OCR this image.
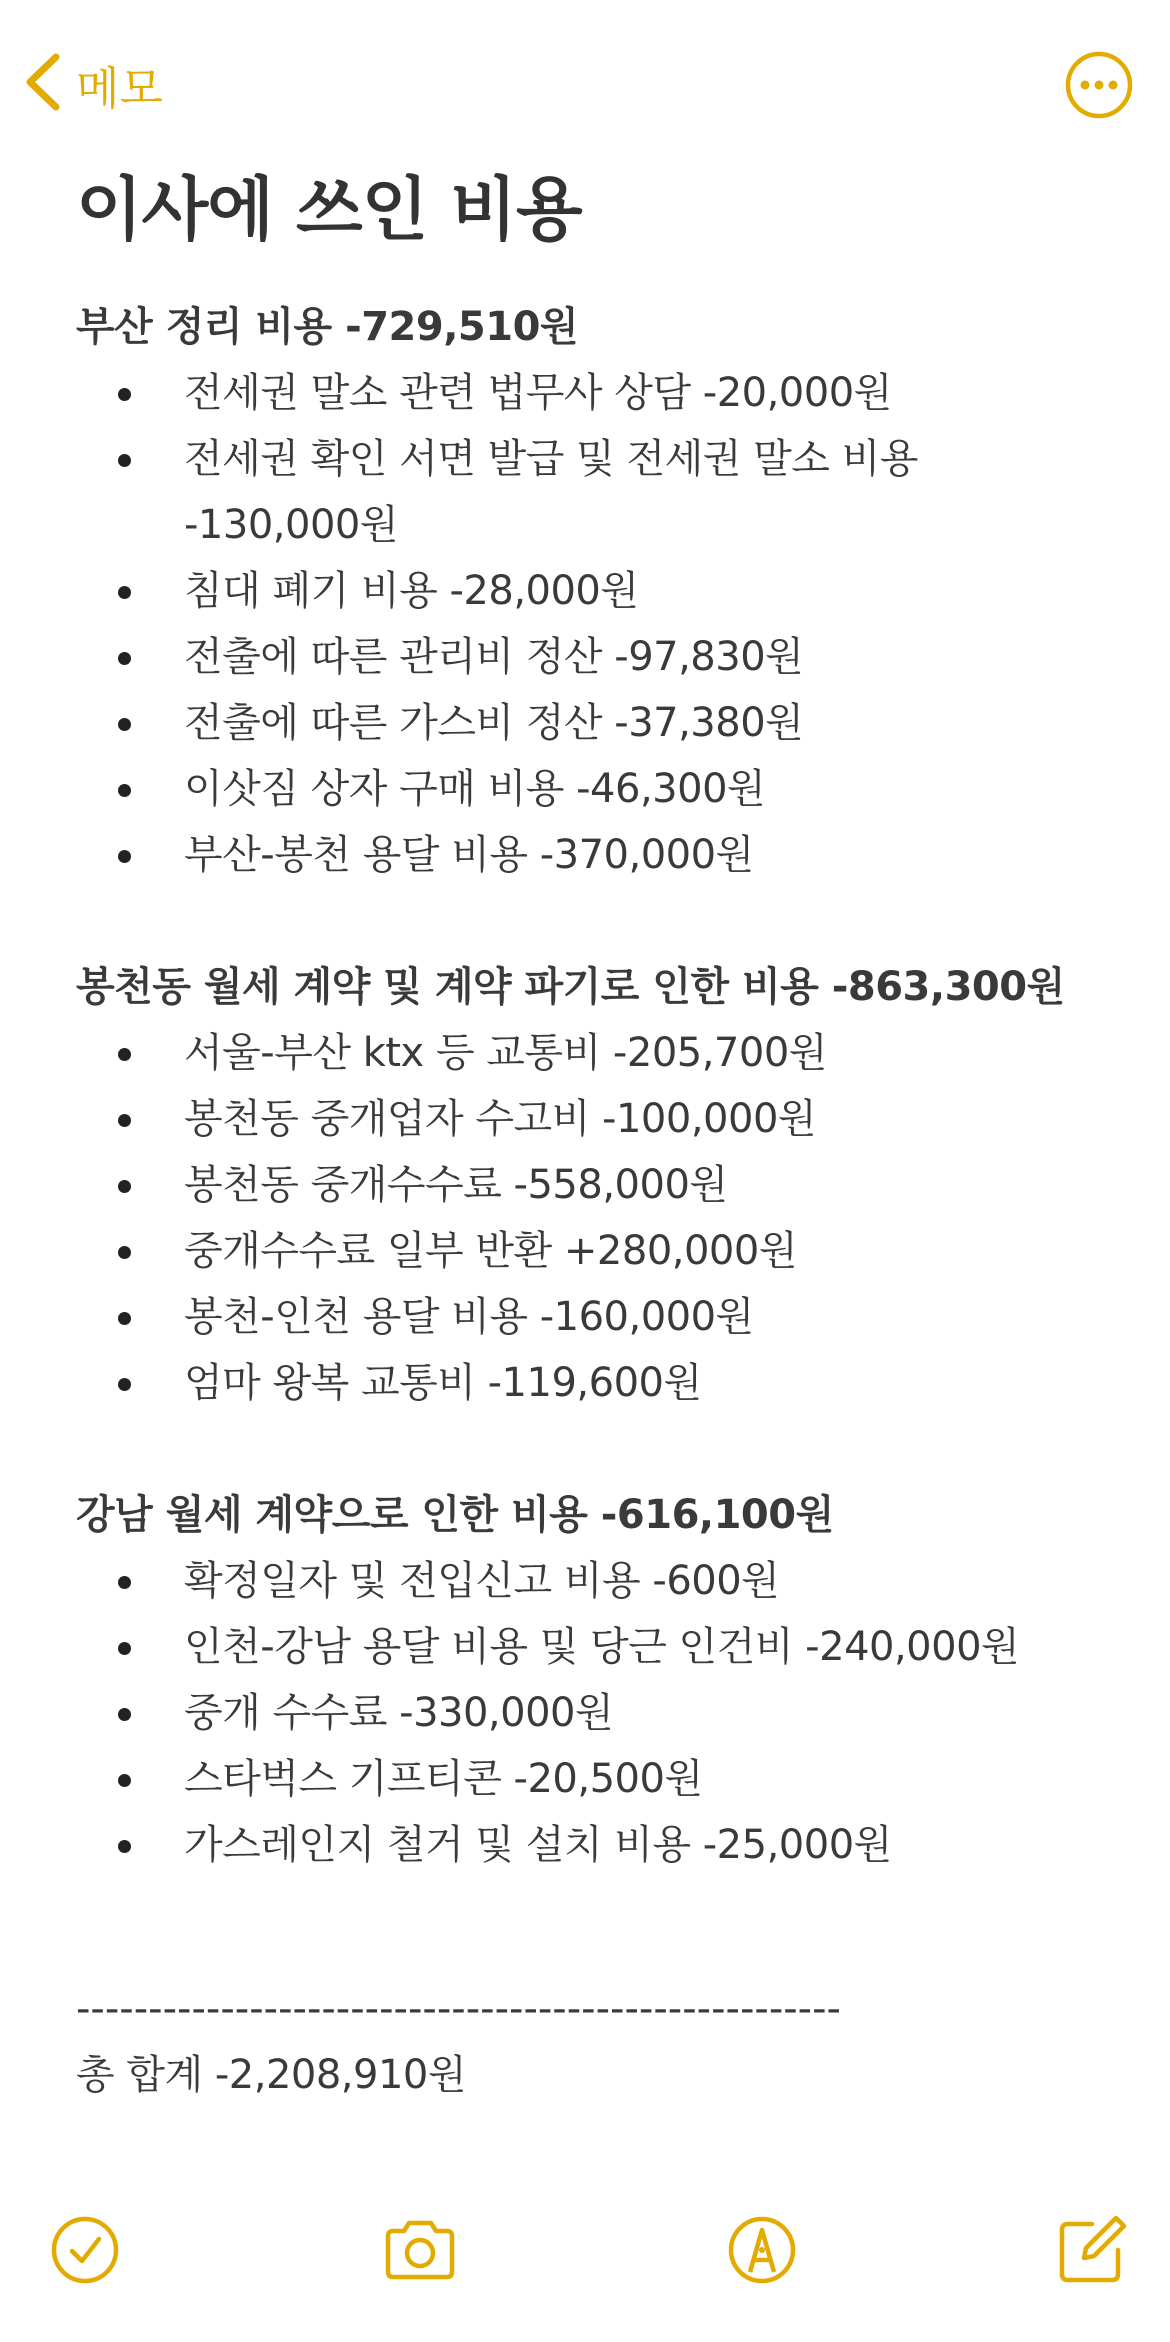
메모
이사에 쓰인 비용

부산 정리 비용 -729,510원

전세권 말소 관련 법무사 상담 -20,000원
전세권 확인 서면 발급 및 전세권 말소 비용
-130,000원
침대 폐기 비용 -28,000원
전출에 따른 관리비 정산 -97,830원
전출에 따른 가스비 정산 -37,380원
이삿짐 상자 구매 비용 -46,300원
부산-봉천 용달 비용 -370,000원

봉천동 월세 계약 및 계약 파기로 인한 비용 -863,300원

서울-부산 ktx 등 교통비 -205,700원
봉천동 중개업자 수고비 -100,000원
봉천동 중개수수료 -558,000원
중개수수료 일부 반환 +280,000원
봉천-인천 용달 비용 -160,000원
엄마 왕복 교통비 -119,600원

강남 월세 계약으로 인한 비용 -616,100원

확정일자 및 전입신고 비용 -600원
인천-강남 용달 비용 및 당근 인건비 -240,000원
중개 수수료 -330,000원
스타벅스 기프티콘 -20,500원
가스레인지 철거 및 설치 비용 -25,000원
-----------------------------------------------------
총 합계 -2,208,910원
